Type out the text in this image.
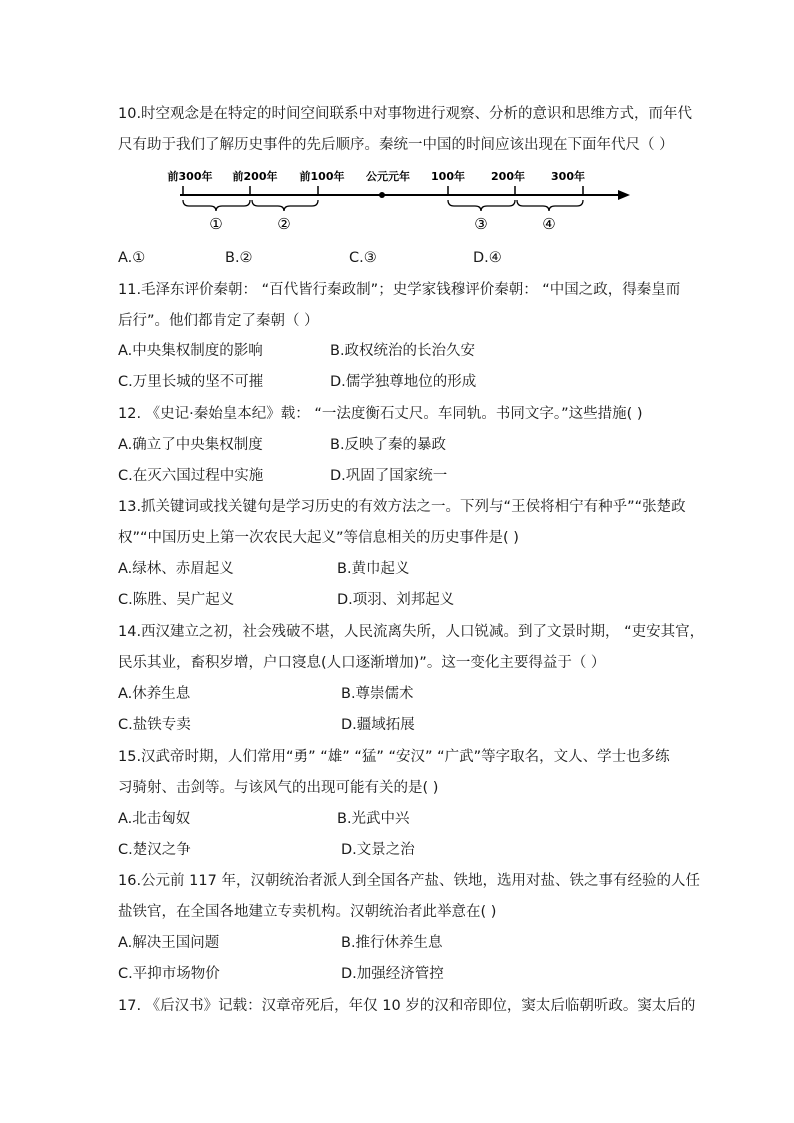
10.时空观念是在特定的时间空间联系中对事物进行观察、分析的意识和思维方式，而年代
尺有助于我们了解历史事件的先后顺序。秦统一中国的时间应该出现在下面年代尺（ ）
前300年 前200年 前100年 公元元年 100年 200年 300年
①	②	③	④
A.①	B.②	C.③	D.④
11.毛泽东评价秦朝： “百代皆行秦政制”；史学家钱穆评价秦朝： “中国之政，得秦皇而
后行”。他们都肯定了秦朝（ ）
A.中央集权制度的影响	B.政权统治的长治久安
C.万里长城的坚不可摧	D.儒学独尊地位的形成
12. 《史记·秦始皇本纪》载： “一法度衡石丈尺。车同轨。书同文字。”这些措施( )
A.确立了中央集权制度	B.反映了秦的暴政
C.在灭六国过程中实施	D.巩固了国家统一
13.抓关键词或找关键句是学习历史的有效方法之一。下列与“王侯将相宁有种乎”“张楚政
权”“中国历史上第一次农民大起义”等信息相关的历史事件是( )
A.绿林、赤眉起义	B.黄巾起义
C.陈胜、吴广起义	D.项羽、刘邦起义
14.西汉建立之初，社会残破不堪，人民流离失所，人口锐减。到了文景时期， “吏安其官，
民乐其业，畜积岁增，户口寖息(人口逐渐增加)”。这一变化主要得益于（ ）
A.休养生息	B.尊崇儒术
C.盐铁专卖	D.疆域拓展
15.汉武帝时期，人们常用“勇” “雄” “猛” “安汉” “广武”等字取名，文人、学士也多练
习骑射、击剑等。与该风气的出现可能有关的是( )
A.北击匈奴	B.光武中兴
C.楚汉之争	D.文景之治
16.公元前 117 年，汉朝统治者派人到全国各产盐、铁地，选用对盐、铁之事有经验的人任
盐铁官，在全国各地建立专卖机构。汉朝统治者此举意在( )
A.解决王国问题	B.推行休养生息
C.平抑市场物价	D.加强经济管控
17. 《后汉书》记载：汉章帝死后，年仅 10 岁的汉和帝即位，窦太后临朝听政。窦太后的
